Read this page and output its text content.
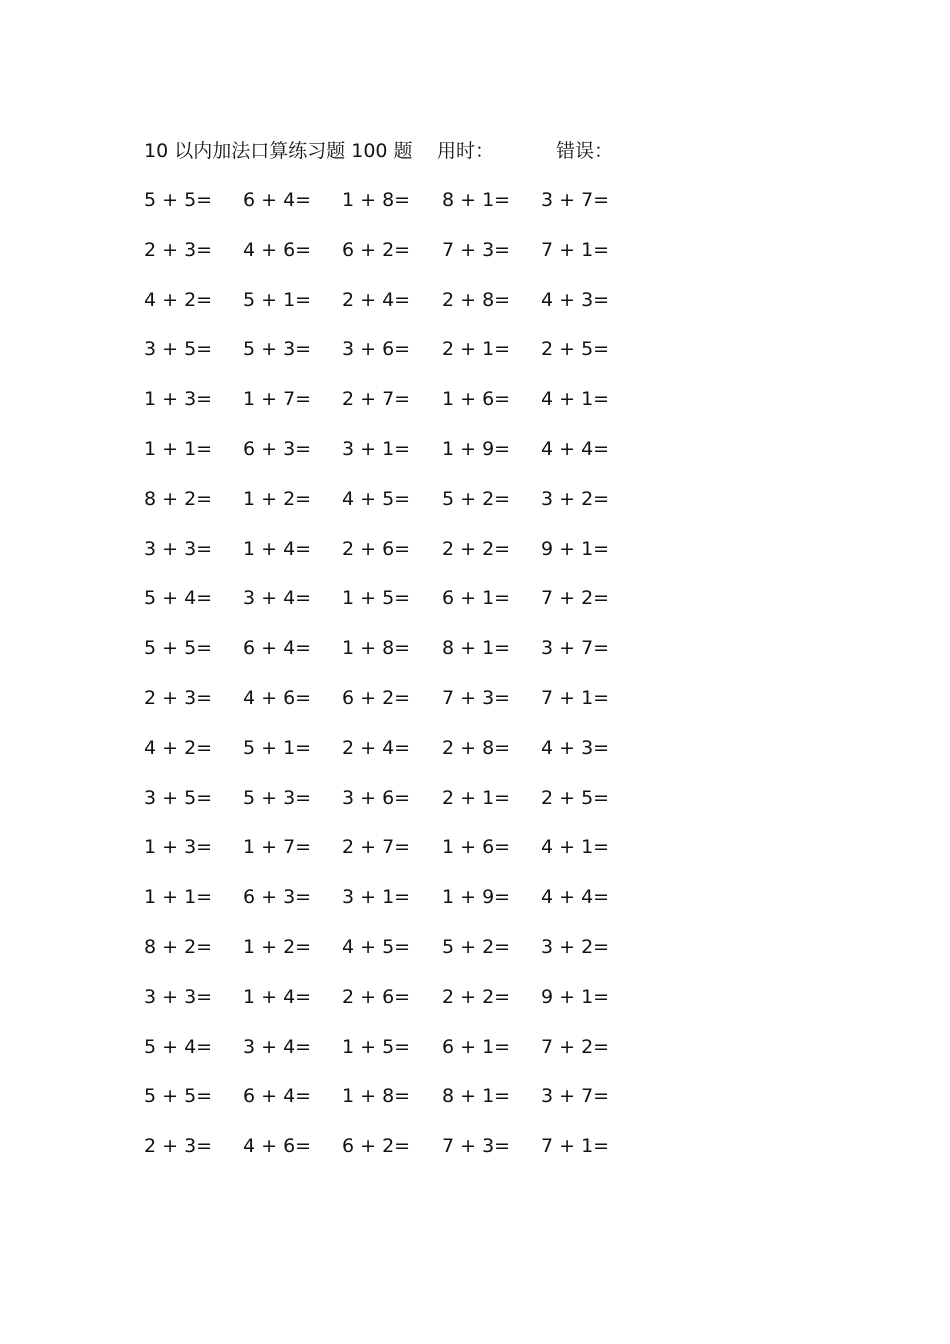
10 以内加法口算练习题 100 题 用时：	错误：
5 + 5= 6 + 4= 1 + 8= 8 + 1= 3 + 7=
2 + 3= 4 + 6= 6 + 2= 7 + 3= 7 + 1=
4 + 2= 5 + 1= 2 + 4= 2 + 8= 4 + 3=
3 + 5= 5 + 3= 3 + 6= 2 + 1= 2 + 5=
1 + 3= 1 + 7= 2 + 7= 1 + 6= 4 + 1=
1 + 1= 6 + 3= 3 + 1= 1 + 9= 4 + 4=
8 + 2= 1 + 2= 4 + 5= 5 + 2= 3 + 2=
3 + 3= 1 + 4= 2 + 6= 2 + 2= 9 + 1=
5 + 4= 3 + 4= 1 + 5= 6 + 1= 7 + 2=
5 + 5= 6 + 4= 1 + 8= 8 + 1= 3 + 7=
2 + 3= 4 + 6= 6 + 2= 7 + 3= 7 + 1=
4 + 2= 5 + 1= 2 + 4= 2 + 8= 4 + 3=
3 + 5= 5 + 3= 3 + 6= 2 + 1= 2 + 5=
1 + 3= 1 + 7= 2 + 7= 1 + 6= 4 + 1=
1 + 1= 6 + 3= 3 + 1= 1 + 9= 4 + 4=
8 + 2= 1 + 2= 4 + 5= 5 + 2= 3 + 2=
3 + 3= 1 + 4= 2 + 6= 2 + 2= 9 + 1=
5 + 4= 3 + 4= 1 + 5= 6 + 1= 7 + 2=
5 + 5= 6 + 4= 1 + 8= 8 + 1= 3 + 7=
2 + 3= 4 + 6= 6 + 2= 7 + 3= 7 + 1=
